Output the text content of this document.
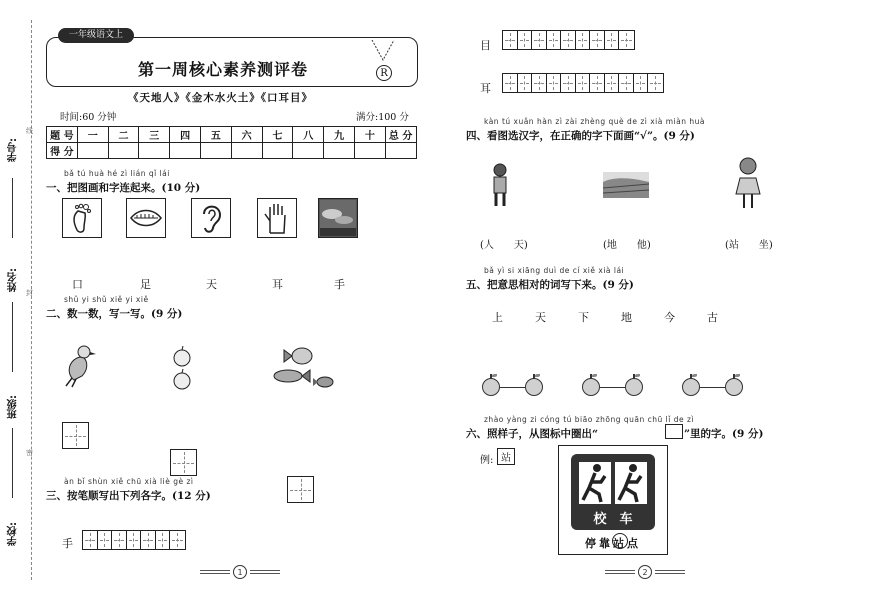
学号:
姓名:
班级:
学校:
线
封
密
一年级语文上
第一周核心素养测评卷	R
《天地人》《金木水火土》《口耳目》
时间:60 分钟	满分:100 分
题 号	一	二	三	四	五	六	七	八	九	十	总 分
得 分											
bǎ tú huà hé zì lián qǐ lái
一、把图画和字连起来。(10 分)
口	足	天	耳	手
shǔ yi shǔ xiě yi xiě
二、数一数，写一写。(9 分)
àn bǐ shùn xiě chū xià liè gè zì
三、按笔顺写出下列各字。(12 分)
手
1
目
耳
kàn tú xuǎn hàn zì zài zhèng què de zì xià miàn huà
四、看图选汉字，在正确的字下面画“√”。(9 分)
(人　　天)	(地　　他)	(站　　坐)
bǎ yì si xiāng duì de cí xiě xià lái
五、把意思相对的词写下来。(9 分)
上	天	下	地	今	古
zhào yàng zi cóng tú biāo zhōng quān chū lǐ de zì
六、照样子，从图标中圈出“	”里的字。(9 分)
例: 站
校　车
停靠站点
2
